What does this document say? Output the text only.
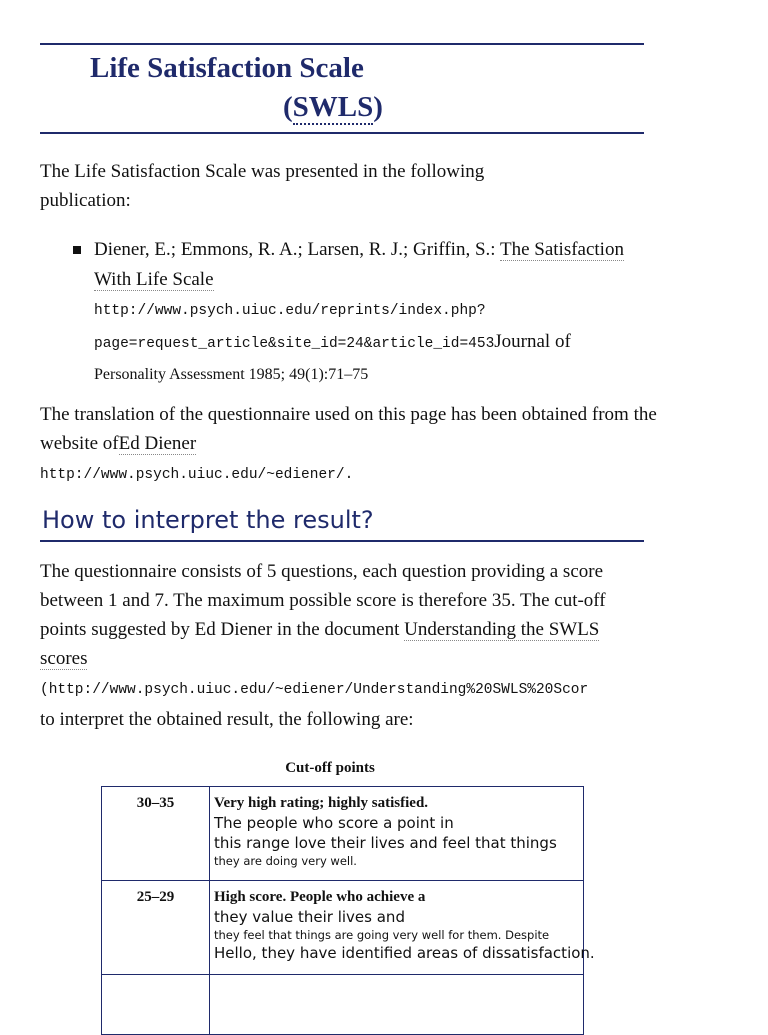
Life Satisfaction Scale
(SWLS)
The Life Satisfaction Scale was presented in the following publication:
Diener, E.; Emmons, R. A.; Larsen, R. J.; Griffin, S.: The Satisfaction With Life Scale
http://www.psych.uiuc.edu/reprints/index.php?
page=request_article&site_id=24&article_id=453Journal of
Personality Assessment 1985; 49(1):71–75
The translation of the questionnaire used on this page has been obtained from the website ofEd Diener
http://www.psych.uiuc.edu/~ediener/.
How to interpret the result?
The questionnaire consists of 5 questions, each question providing a score between 1 and 7. The maximum possible score is therefore 35. The cut-off points suggested by Ed Diener in the document Understanding the SWLS scores
(http://www.psych.uiuc.edu/~ediener/Understanding%20SWLS%20Scor
to interpret the obtained result, the following are:
Cut-off points
30–35	Very high rating; highly satisfied.
The people who score a point in
this range love their lives and feel that things
they are doing very well.

25–29	High score. People who achieve a
they value their lives and
they feel that things are going very well for them. Despite
Hello, they have identified areas of dissatisfaction.
